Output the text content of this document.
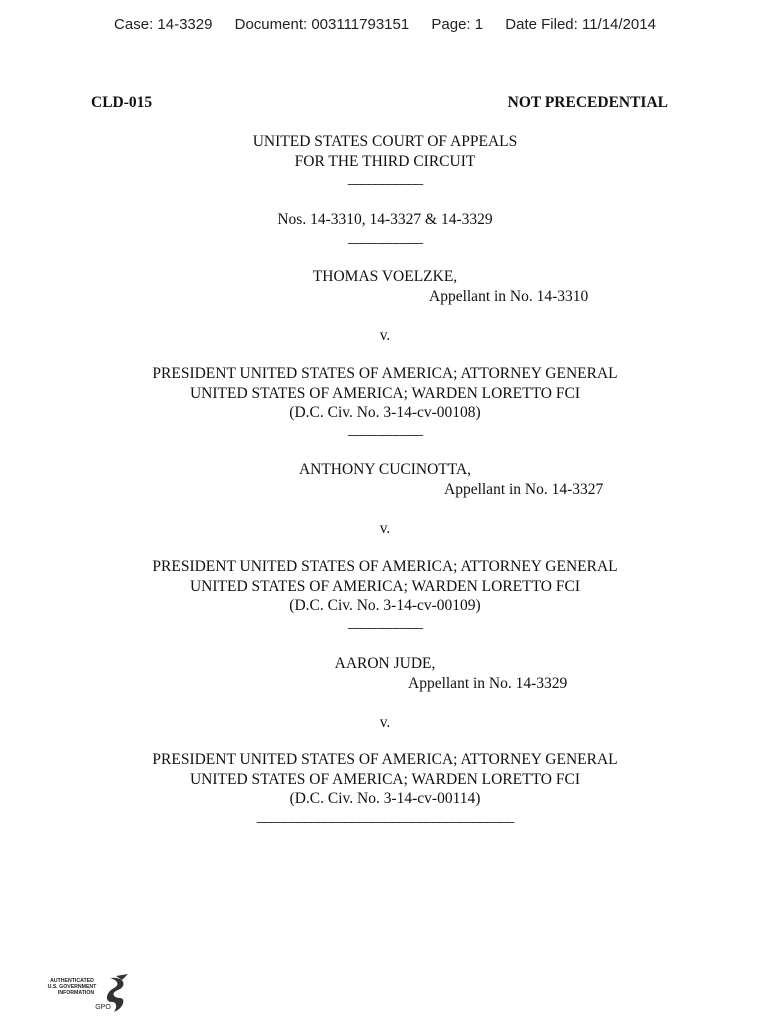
Case: 14-3329 Document: 003111793151 Page: 1 Date Filed: 11/14/2014
CLD-015	NOT PRECEDENTIAL
UNITED STATES COURT OF APPEALS
FOR THE THIRD CIRCUIT
___________
Nos. 14-3310, 14-3327 & 14-3329
___________
THOMAS VOELZKE,
Appellant in No. 14-3310
v.
PRESIDENT UNITED STATES OF AMERICA; ATTORNEY GENERAL
UNITED STATES OF AMERICA; WARDEN LORETTO FCI
(D.C. Civ. No. 3-14-cv-00108)
___________
ANTHONY CUCINOTTA,
Appellant in No. 14-3327
v.
PRESIDENT UNITED STATES OF AMERICA; ATTORNEY GENERAL
UNITED STATES OF AMERICA; WARDEN LORETTO FCI
(D.C. Civ. No. 3-14-cv-00109)
___________
AARON JUDE,
Appellant in No. 14-3329
v.
PRESIDENT UNITED STATES OF AMERICA; ATTORNEY GENERAL
UNITED STATES OF AMERICA; WARDEN LORETTO FCI
(D.C. Civ. No. 3-14-cv-00114)
______________________________________
AUTHENTICATED
U.S. GOVERNMENT
INFORMATION
GPO
